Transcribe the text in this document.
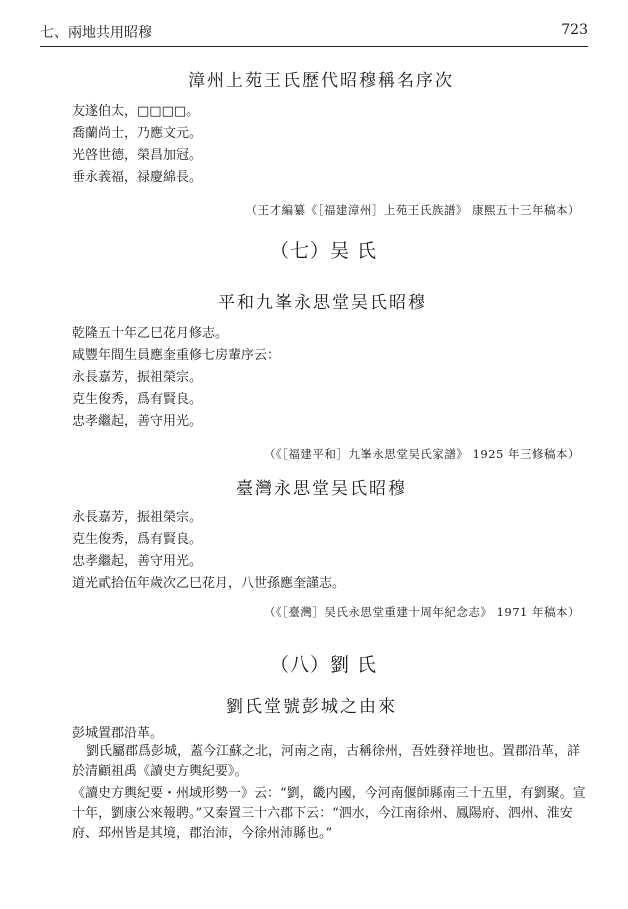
七、兩地共用昭穆	723
漳州上苑王氏歷代昭穆稱名序次
友遂伯太，□□□□。
喬蘭尚士，乃應文元。
光啓世德，榮昌加冠。
垂永義福，禄慶綿長。
（王才編纂《［福建漳州］上苑王氏族譜》 康熙五十三年稿本）
（七）吴 氏
平和九峯永思堂吴氏昭穆
乾隆五十年乙巳花月修志。
咸豐年間生員應奎重修七房輩序云：
永長嘉芳，振祖榮宗。
克生俊秀，爲有賢良。
忠孝繼起，善守用光。
（《［福建平和］九峯永思堂吴氏家譜》 1925 年三修稿本）
臺灣永思堂吴氏昭穆
永長嘉芳，振祖榮宗。
克生俊秀，爲有賢良。
忠孝繼起，善守用光。
道光貳拾伍年歲次乙巳花月，八世孫應奎謹志。
（《［臺灣］吴氏永思堂重建十周年紀念志》 1971 年稿本）
（八）劉 氏
劉氏堂號彭城之由來
彭城置郡沿革。
劉氏屬郡爲彭城，蓋今江蘇之北，河南之南，古稱徐州，吾姓發祥地也。置郡沿革，詳於清顧祖禹《讀史方輿紀要》。
《讀史方輿紀要・州域形勢一》云：“劉，畿内國，今河南偃師縣南三十五里，有劉聚。宣十年，劉康公來報聘。”又秦置三十六郡下云：“泗水，今江南徐州、鳳陽府、泗州、淮安府、邳州皆是其境，郡治沛，今徐州沛縣也。”
